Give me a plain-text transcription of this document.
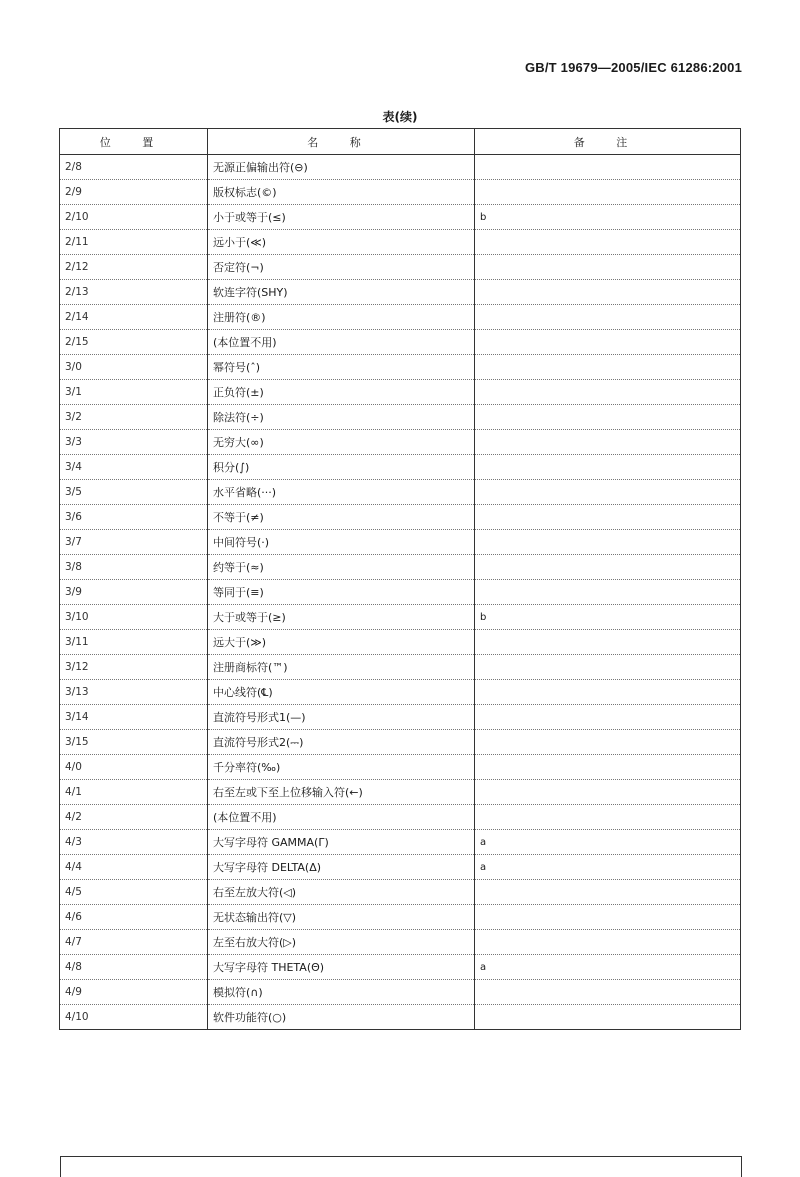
GB/T 19679—2005/IEC 61286:2001
表(续)
位 置	名 称	备 注
2/8	无源正偏输出符(⊖)	
2/9	版权标志(©)	
2/10	小于或等于(≤)	b
2/11	远小于(≪)	
2/12	否定符(¬)	
2/13	软连字符(SHY)	
2/14	注册符(®)	
2/15	(本位置不用)	
3/0	幂符号(ˆ)	
3/1	正负符(±)	
3/2	除法符(÷)	
3/3	无穷大(∞)	
3/4	积分(∫)	
3/5	水平省略(···)	
3/6	不等于(≠)	
3/7	中间符号(·)	
3/8	约等于(≈)	
3/9	等同于(≡)	
3/10	大于或等于(≥)	b
3/11	远大于(≫)	
3/12	注册商标符(™)	
3/13	中心线符(℄)	
3/14	直流符号形式1(—)	
3/15	直流符号形式2(⎓)	
4/0	千分率符(‰)	
4/1	右至左或下至上位移输入符(←)	
4/2	(本位置不用)	
4/3	大写字母符 GAMMA(Γ)	a
4/4	大写字母符 DELTA(Δ)	a
4/5	右至左放大符(◁)	
4/6	无状态输出符(▽)	
4/7	左至右放大符(▷)	
4/8	大写字母符 THETA(Θ)	a
4/9	模拟符(∩)	
4/10	软件功能符(○)	
